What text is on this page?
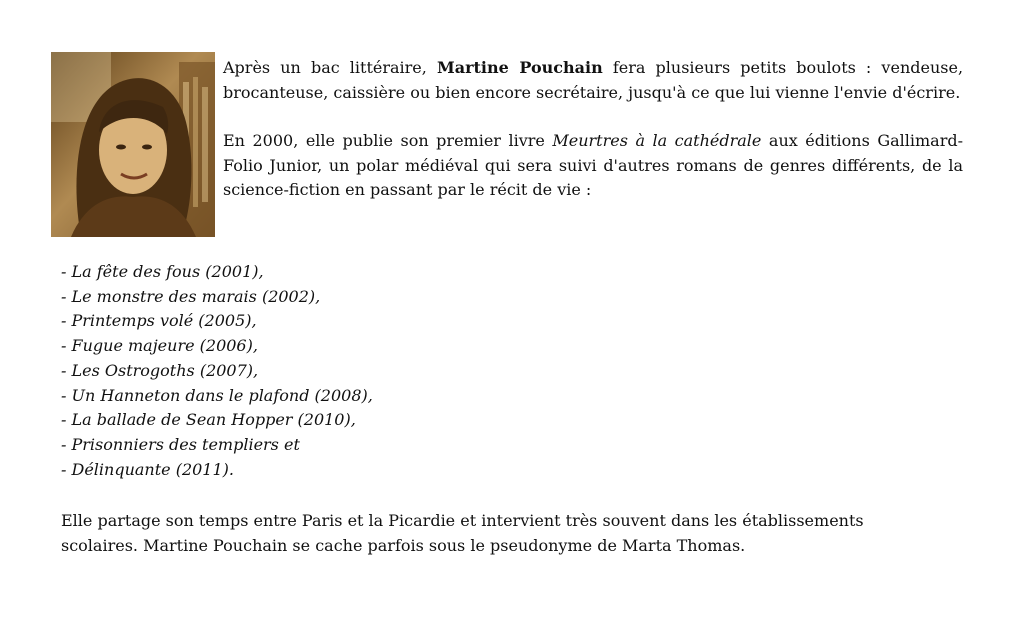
Après un bac littéraire, Martine Pouchain fera plusieurs petits boulots : vendeuse, brocanteuse, caissière ou bien encore secrétaire, jusqu'à ce que lui vienne l'envie d'écrire.

En 2000, elle publie son premier livre Meurtres à la cathédrale aux éditions Gallimard-Folio Junior, un polar médiéval qui sera suivi d'autres romans de genres différents, de la science-fiction en passant par le récit de vie :

- La fête des fous (2001),
- Le monstre des marais (2002),
- Printemps volé (2005),
- Fugue majeure (2006),
- Les Ostrogoths (2007),
- Un Hanneton dans le plafond (2008),
- La ballade de Sean Hopper (2010),
- Prisonniers des templiers et
- Délinquante (2011).

Elle partage son temps entre Paris et la Picardie et intervient très souvent dans les établissements scolaires. Martine Pouchain se cache parfois sous le pseudonyme de Marta Thomas.
